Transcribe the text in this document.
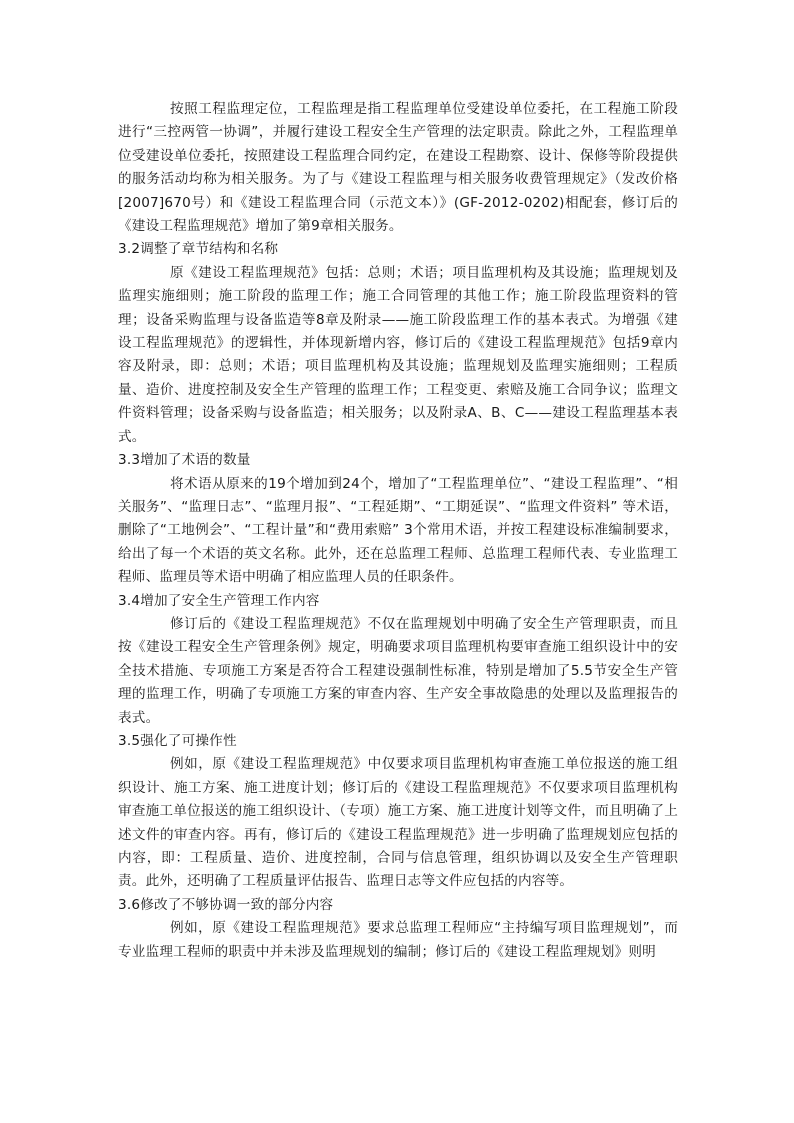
按照工程监理定位，工程监理是指工程监理单位受建设单位委托，在工程施工阶段进行“三控两管一协调”，并履行建设工程安全生产管理的法定职责。除此之外，工程监理单位受建设单位委托，按照建设工程监理合同约定，在建设工程勘察、设计、保修等阶段提供的服务活动均称为相关服务。为了与《建设工程监理与相关服务收费管理规定》（发改价格[2007]670号）和《建设工程监理合同（示范文本）》(GF-2012-0202)相配套，修订后的《建设工程监理规范》增加了第9章相关服务。

3.2调整了章节结构和名称

原《建设工程监理规范》包括：总则；术语；项目监理机构及其设施；监理规划及监理实施细则；施工阶段的监理工作；施工合同管理的其他工作；施工阶段监理资料的管理；设备采购监理与设备监造等8章及附录——施工阶段监理工作的基本表式。为增强《建设工程监理规范》的逻辑性，并体现新增内容，修订后的《建设工程监理规范》包括9章内容及附录，即：总则；术语；项目监理机构及其设施；监理规划及监理实施细则；工程质量、造价、进度控制及安全生产管理的监理工作；工程变更、索赔及施工合同争议；监理文件资料管理；设备采购与设备监造；相关服务；以及附录A、B、C——建设工程监理基本表式。

3.3增加了术语的数量

将术语从原来的19个增加到24个，增加了“工程监理单位”、“建设工程监理”、“相关服务”、“监理日志”、“监理月报”、“工程延期”、“工期延误”、“监理文件资料” 等术语，删除了“工地例会”、“工程计量”和“费用索赔” 3个常用术语，并按工程建设标准编制要求，给出了每一个术语的英文名称。此外，还在总监理工程师、总监理工程师代表、专业监理工程师、监理员等术语中明确了相应监理人员的任职条件。

3.4增加了安全生产管理工作内容

修订后的《建设工程监理规范》不仅在监理规划中明确了安全生产管理职责，而且按《建设工程安全生产管理条例》规定，明确要求项目监理机构要审查施工组织设计中的安全技术措施、专项施工方案是否符合工程建设强制性标准，特别是增加了5.5节安全生产管理的监理工作，明确了专项施工方案的审查内容、生产安全事故隐患的处理以及监理报告的表式。

3.5强化了可操作性

例如，原《建设工程监理规范》中仅要求项目监理机构审查施工单位报送的施工组织设计、施工方案、施工进度计划；修订后的《建设工程监理规范》不仅要求项目监理机构审查施工单位报送的施工组织设计、（专项）施工方案、施工进度计划等文件，而且明确了上述文件的审查内容。再有，修订后的《建设工程监理规范》进一步明确了监理规划应包括的内容，即：工程质量、造价、进度控制，合同与信息管理，组织协调以及安全生产管理职责。此外，还明确了工程质量评估报告、监理日志等文件应包括的内容等。

3.6修改了不够协调一致的部分内容

例如，原《建设工程监理规范》要求总监理工程师应“主持编写项目监理规划”，而专业监理工程师的职责中并未涉及监理规划的编制；修订后的《建设工程监理规划》则明
